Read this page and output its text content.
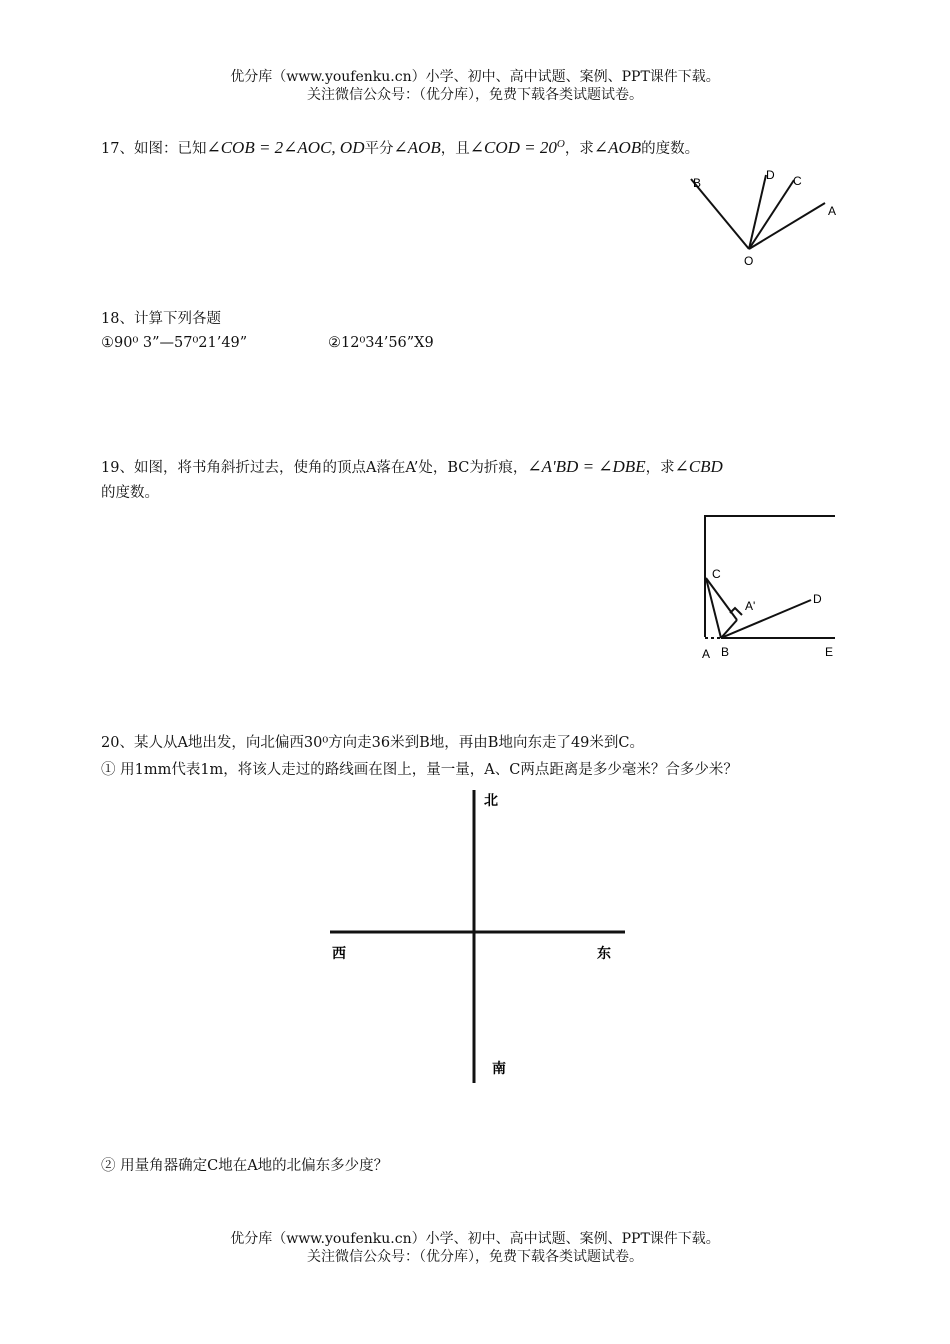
优分库（www.youfenku.cn）小学、初中、高中试题、案例、PPT课件下载。
关注微信公众号：（优分库），免费下载各类试题试卷。
17、如图：已知∠COB = 2∠AOC, OD平分∠AOB，且∠COD = $20^O$，求∠AOB的度数。
B
D C
A
O
18、计算下列各题
①90⁰ 3”—57⁰21’49”	②12⁰34’56”X9
19、如图，将书角斜折过去，使角的顶点A落在A’处，BC为折痕，∠A'BD = ∠DBE，求∠CBD
的度数。
C
A'	D
A B	E
20、某人从A地出发，向北偏西30⁰方向走36米到B地，再由B地向东走了49米到C。
① 用1mm代表1m，将该人走过的路线画在图上，量一量，A、C两点距离是多少毫米？合多少米？
北
西	东
南
② 用量角器确定C地在A地的北偏东多少度？
优分库（www.youfenku.cn）小学、初中、高中试题、案例、PPT课件下载。
关注微信公众号：（优分库），免费下载各类试题试卷。
